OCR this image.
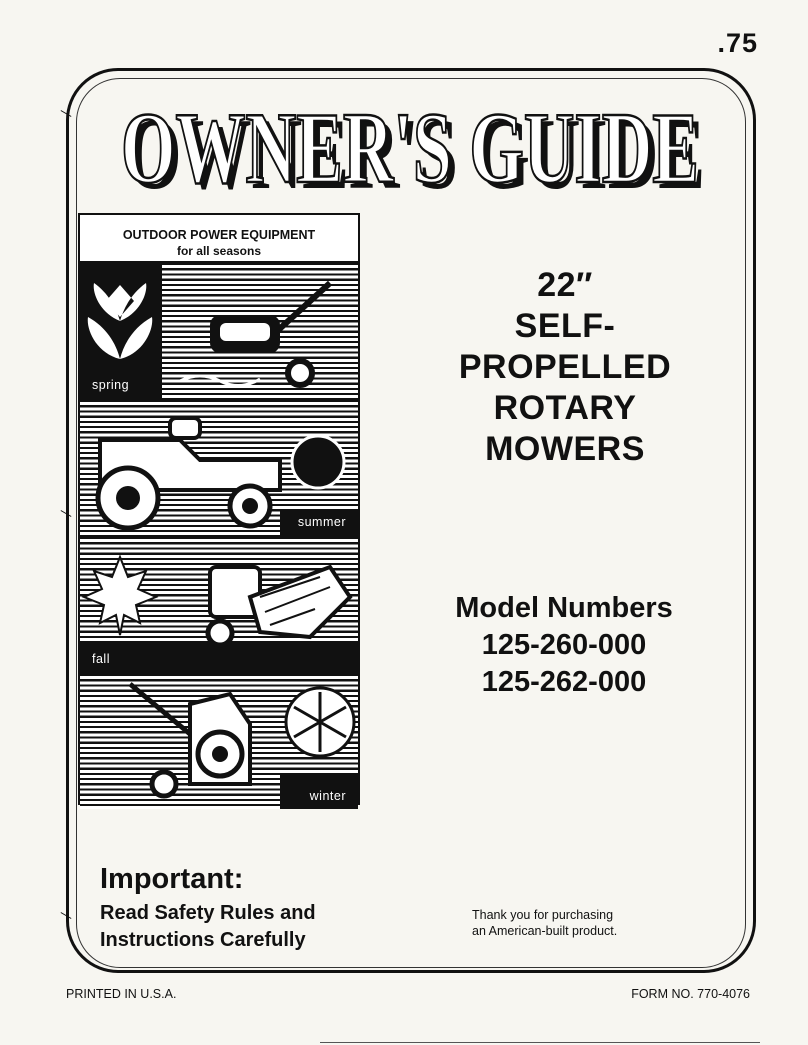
.75
OWNER'S GUIDE
OWNER'S GUIDE
OUTDOOR POWER EQUIPMENT
for all seasons
spring
summer
fall
winter
22″
SELF-
PROPELLED
ROTARY
MOWERS
Model Numbers
125-260-000
125-262-000
Important:
Read Safety Rules and
Instructions Carefully
Thank you for purchasing
an American-built product.
PRINTED IN U.S.A.	FORM NO. 770-4076
